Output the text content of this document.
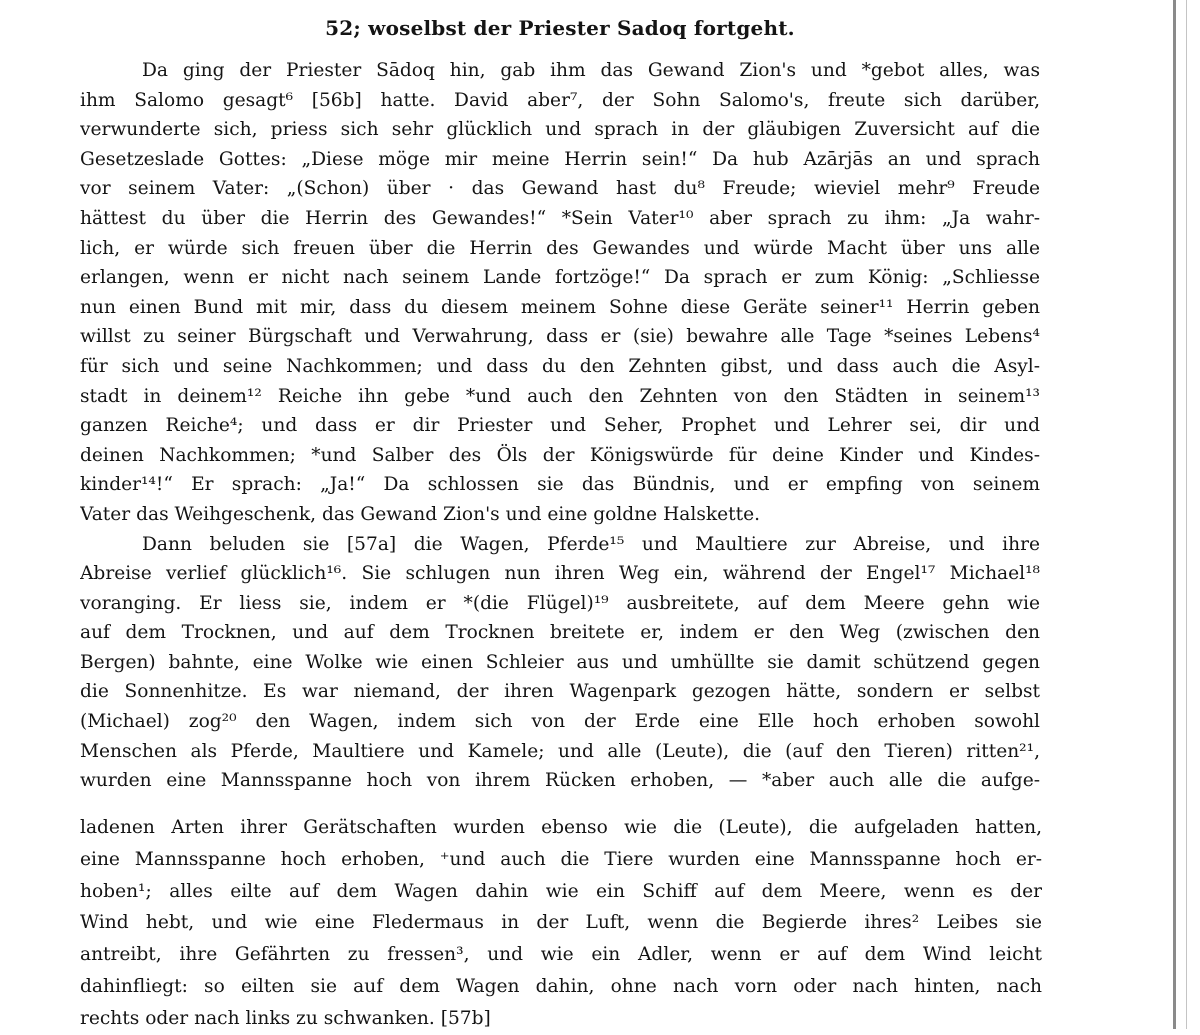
52; woselbst der Priester Sadoq fortgeht.
Da ging der Priester Sādoq hin, gab ihm das Gewand Zion's und *gebot alles, was
ihm Salomo gesagt⁶ [56b] hatte. David aber⁷, der Sohn Salomo's, freute sich darüber,
verwunderte sich, priess sich sehr glücklich und sprach in der gläubigen Zuversicht auf die
Gesetzeslade Gottes: „Diese möge mir meine Herrin sein!“ Da hub Azārjās an und sprach
vor seinem Vater: „(Schon) über · das Gewand hast du⁸ Freude; wieviel mehr⁹ Freude
hättest du über die Herrin des Gewandes!“ *Sein Vater¹⁰ aber sprach zu ihm: „Ja wahr-
lich, er würde sich freuen über die Herrin des Gewandes und würde Macht über uns alle
erlangen, wenn er nicht nach seinem Lande fortzöge!“ Da sprach er zum König: „Schliesse
nun einen Bund mit mir, dass du diesem meinem Sohne diese Geräte seiner¹¹ Herrin geben
willst zu seiner Bürgschaft und Verwahrung, dass er (sie) bewahre alle Tage *seines Lebens⁴
für sich und seine Nachkommen; und dass du den Zehnten gibst, und dass auch die Asyl-
stadt in deinem¹² Reiche ihn gebe *und auch den Zehnten von den Städten in seinem¹³
ganzen Reiche⁴; und dass er dir Priester und Seher, Prophet und Lehrer sei, dir und
deinen Nachkommen; *und Salber des Öls der Königswürde für deine Kinder und Kindes-
kinder¹⁴!“ Er sprach: „Ja!“ Da schlossen sie das Bündnis, und er empfing von seinem
Vater das Weihgeschenk, das Gewand Zion's und eine goldne Halskette.
Dann beluden sie [57a] die Wagen, Pferde¹⁵ und Maultiere zur Abreise, und ihre
Abreise verlief glücklich¹⁶. Sie schlugen nun ihren Weg ein, während der Engel¹⁷ Michael¹⁸
voranging. Er liess sie, indem er *(die Flügel)¹⁹ ausbreitete, auf dem Meere gehn wie
auf dem Trocknen, und auf dem Trocknen breitete er, indem er den Weg (zwischen den
Bergen) bahnte, eine Wolke wie einen Schleier aus und umhüllte sie damit schützend gegen
die Sonnenhitze. Es war niemand, der ihren Wagenpark gezogen hätte, sondern er selbst
(Michael) zog²⁰ den Wagen, indem sich von der Erde eine Elle hoch erhoben sowohl
Menschen als Pferde, Maultiere und Kamele; und alle (Leute), die (auf den Tieren) ritten²¹,
wurden eine Mannsspanne hoch von ihrem Rücken erhoben, — *aber auch alle die aufge-
ladenen Arten ihrer Gerätschaften wurden ebenso wie die (Leute), die aufgeladen hatten,
eine Mannsspanne hoch erhoben, ⁺und auch die Tiere wurden eine Mannsspanne hoch er-
hoben¹; alles eilte auf dem Wagen dahin wie ein Schiff auf dem Meere, wenn es der
Wind hebt, und wie eine Fledermaus in der Luft, wenn die Begierde ihres² Leibes sie
antreibt, ihre Gefährten zu fressen³, und wie ein Adler, wenn er auf dem Wind leicht
dahinfliegt: so eilten sie auf dem Wagen dahin, ohne nach vorn oder nach hinten, nach
rechts oder nach links zu schwanken. [57b]
